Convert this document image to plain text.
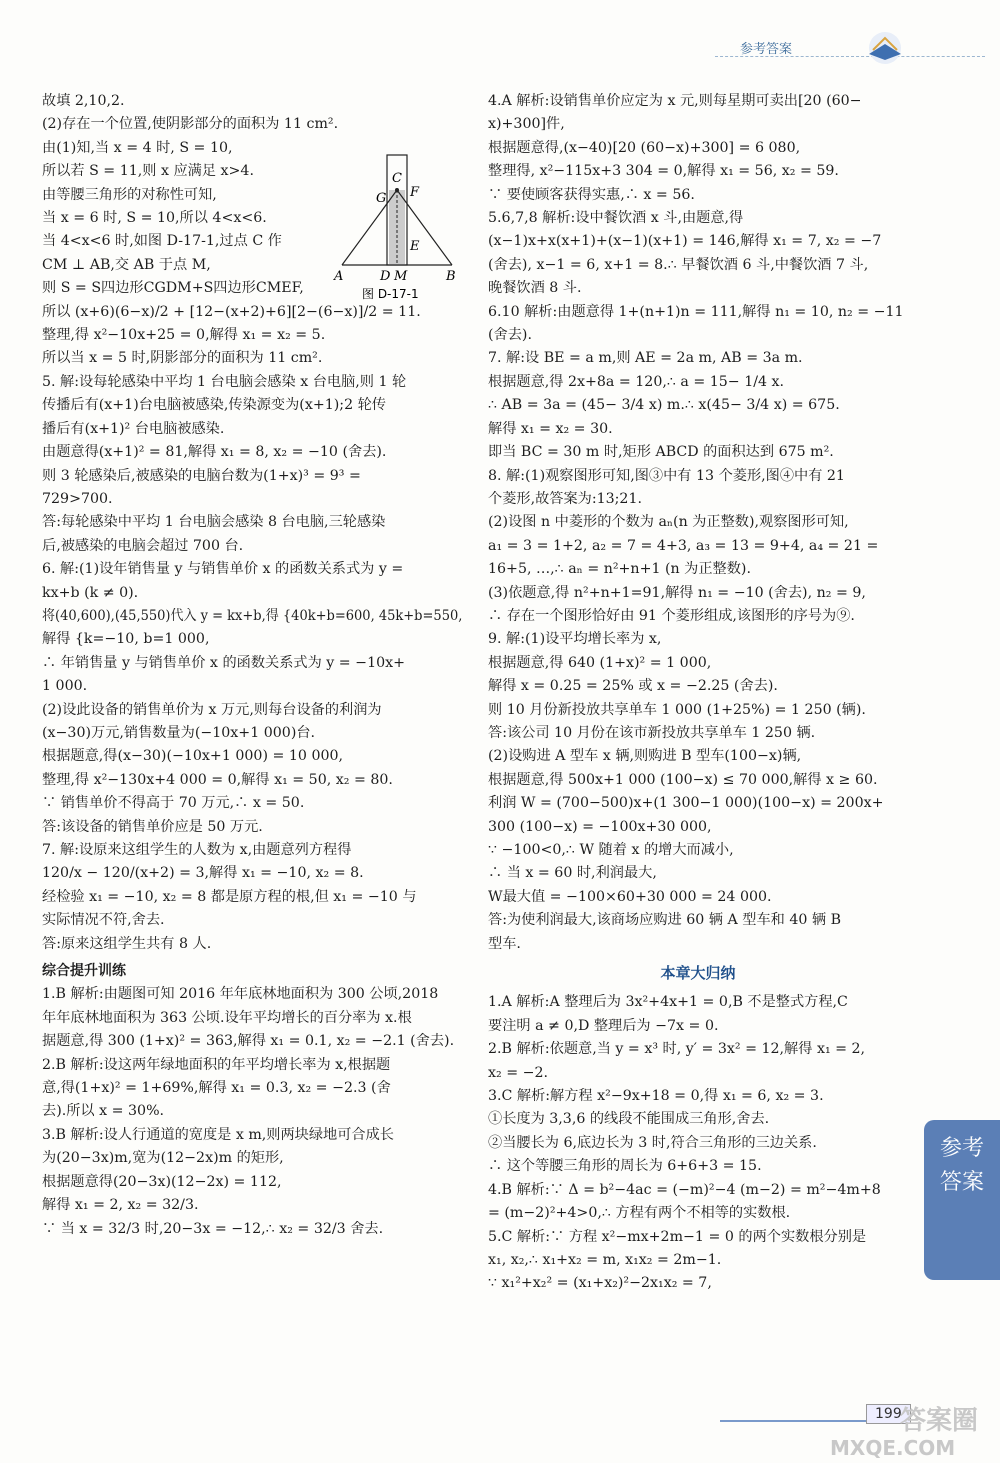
参考答案
故填 2,10,2.
(2)存在一个位置,使阴影部分的面积为 11 cm².
由(1)知,当 x = 4 时, S = 10,
所以若 S = 11,则 x 应满足 x>4.
由等腰三角形的对称性可知,
当 x = 6 时, S = 10,所以 4<x<6.
当 4<x<6 时,如图 D-17-1,过点 C 作
CM ⊥ AB,交 AB 于点 M,
则 S = S四边形CGDM+S四边形CMEF,
所以 (x+6)(6−x)/2 + [12−(x+2)+6][2−(6−x)]/2 = 11.
整理,得 x²−10x+25 = 0,解得 x₁ = x₂ = 5.
所以当 x = 5 时,阴影部分的面积为 11 cm².
5. 解:设每轮感染中平均 1 台电脑会感染 x 台电脑,则 1 轮
传播后有(x+1)台电脑被感染,传染源变为(x+1);2 轮传
播后有(x+1)² 台电脑被感染.
由题意得(x+1)² = 81,解得 x₁ = 8, x₂ = −10 (舍去).
则 3 轮感染后,被感染的电脑台数为(1+x)³ = 9³ =
729>700.
答:每轮感染中平均 1 台电脑会感染 8 台电脑,三轮感染
后,被感染的电脑会超过 700 台.
6. 解:(1)设年销售量 y 与销售单价 x 的函数关系式为 y =
kx+b (k ≠ 0).
将(40,600),(45,550)代入 y = kx+b,得 {40k+b=600, 45k+b=550,
解得 {k=−10, b=1 000,
∴ 年销售量 y 与销售单价 x 的函数关系式为 y = −10x+
1 000.
(2)设此设备的销售单价为 x 万元,则每台设备的利润为
(x−30)万元,销售数量为(−10x+1 000)台.
根据题意,得(x−30)(−10x+1 000) = 10 000,
整理,得 x²−130x+4 000 = 0,解得 x₁ = 50, x₂ = 80.
∵ 销售单价不得高于 70 万元,∴ x = 50.
答:该设备的销售单价应是 50 万元.
7. 解:设原来这组学生的人数为 x,由题意列方程得
120/x − 120/(x+2) = 3,解得 x₁ = −10, x₂ = 8.
经检验 x₁ = −10, x₂ = 8 都是原方程的根,但 x₁ = −10 与
实际情况不符,舍去.
答:原来这组学生共有 8 人.
综合提升训练
1.B 解析:由题图可知 2016 年年底林地面积为 300 公顷,2018
年年底林地面积为 363 公顷.设年平均增长的百分率为 x.根
据题意,得 300 (1+x)² = 363,解得 x₁ = 0.1, x₂ = −2.1 (舍去).
2.B 解析:设这两年绿地面积的年平均增长率为 x,根据题
意,得(1+x)² = 1+69%,解得 x₁ = 0.3, x₂ = −2.3 (舍
去).所以 x = 30%.
3.B 解析:设人行通道的宽度是 x m,则两块绿地可合成长
为(20−3x)m,宽为(12−2x)m 的矩形,
根据题意得(20−3x)(12−2x) = 112,
解得 x₁ = 2, x₂ = 32/3.
∵ 当 x = 32/3 时,20−3x = −12,∴ x₂ = 32/3 舍去.
4.A 解析:设销售单价应定为 x 元,则每星期可卖出[20 (60−
x)+300]件,
根据题意得,(x−40)[20 (60−x)+300] = 6 080,
整理得, x²−115x+3 304 = 0,解得 x₁ = 56, x₂ = 59.
∵ 要使顾客获得实惠,∴ x = 56.
5.6,7,8 解析:设中餐饮酒 x 斗,由题意,得
(x−1)x+x(x+1)+(x−1)(x+1) = 146,解得 x₁ = 7, x₂ = −7
(舍去), x−1 = 6, x+1 = 8.∴ 早餐饮酒 6 斗,中餐饮酒 7 斗,
晚餐饮酒 8 斗.
6.10 解析:由题意得 1+(n+1)n = 111,解得 n₁ = 10, n₂ = −11
(舍去).
7. 解:设 BE = a m,则 AE = 2a m, AB = 3a m.
根据题意,得 2x+8a = 120,∴ a = 15− 1/4 x.
∴ AB = 3a = (45− 3/4 x) m.∴ x(45− 3/4 x) = 675.
解得 x₁ = x₂ = 30.
即当 BC = 30 m 时,矩形 ABCD 的面积达到 675 m².
8. 解:(1)观察图形可知,图③中有 13 个菱形,图④中有 21
个菱形,故答案为:13;21.
(2)设图 n 中菱形的个数为 aₙ(n 为正整数),观察图形可知,
a₁ = 3 = 1+2, a₂ = 7 = 4+3, a₃ = 13 = 9+4, a₄ = 21 =
16+5, …,∴ aₙ = n²+n+1 (n 为正整数).
(3)依题意,得 n²+n+1=91,解得 n₁ = −10 (舍去), n₂ = 9,
∴ 存在一个图形恰好由 91 个菱形组成,该图形的序号为⑨.
9. 解:(1)设平均增长率为 x,
根据题意,得 640 (1+x)² = 1 000,
解得 x = 0.25 = 25% 或 x = −2.25 (舍去).
则 10 月份新投放共享单车 1 000 (1+25%) = 1 250 (辆).
答:该公司 10 月份在该市新投放共享单车 1 250 辆.
(2)设购进 A 型车 x 辆,则购进 B 型车(100−x)辆,
根据题意,得 500x+1 000 (100−x) ≤ 70 000,解得 x ≥ 60.
利润 W = (700−500)x+(1 300−1 000)(100−x) = 200x+
300 (100−x) = −100x+30 000,
∵ −100<0,∴ W 随着 x 的增大而减小,
∴ 当 x = 60 时,利润最大,
W最大值 = −100×60+30 000 = 24 000.
答:为使利润最大,该商场应购进 60 辆 A 型车和 40 辆 B
型车.
本章大归纳
1.A 解析:A 整理后为 3x²+4x+1 = 0,B 不是整式方程,C
要注明 a ≠ 0,D 整理后为 −7x = 0.
2.B 解析:依题意,当 y = x³ 时, y′ = 3x² = 12,解得 x₁ = 2,
x₂ = −2.
3.C 解析:解方程 x²−9x+18 = 0,得 x₁ = 6, x₂ = 3.
①长度为 3,3,6 的线段不能围成三角形,舍去.
②当腰长为 6,底边长为 3 时,符合三角形的三边关系.
∴ 这个等腰三角形的周长为 6+6+3 = 15.
4.B 解析:∵ Δ = b²−4ac = (−m)²−4 (m−2) = m²−4m+8
= (m−2)²+4>0,∴ 方程有两个不相等的实数根.
5.C 解析:∵ 方程 x²−mx+2m−1 = 0 的两个实数根分别是
x₁, x₂,∴ x₁+x₂ = m, x₁x₂ = 2m−1.
∵ x₁²+x₂² = (x₁+x₂)²−2x₁x₂ = 7,
G
C
F
E
A	D M	B
图 D-17-1
参考答案
199
答案圈
MXQE.COM
